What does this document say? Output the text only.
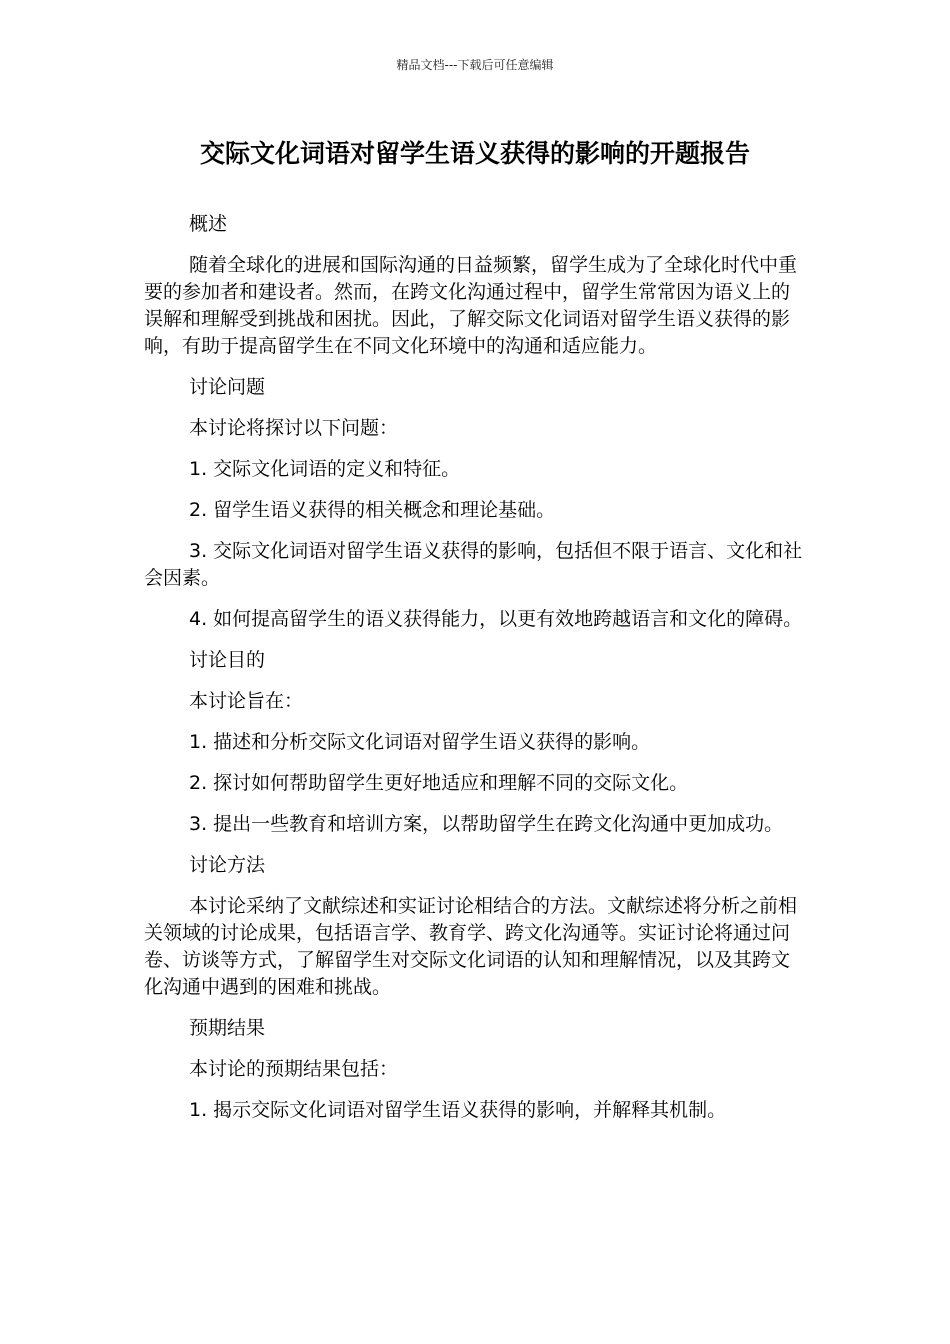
精品文档---下载后可任意编辑
交际文化词语对留学生语义获得的影响的开题报告

概述

随着全球化的进展和国际沟通的日益频繁，留学生成为了全球化时代中重要的参加者和建设者。然而，在跨文化沟通过程中，留学生常常因为语义上的误解和理解受到挑战和困扰。因此，了解交际文化词语对留学生语义获得的影响，有助于提高留学生在不同文化环境中的沟通和适应能力。

讨论问题

本讨论将探讨以下问题：

1. 交际文化词语的定义和特征。

2. 留学生语义获得的相关概念和理论基础。

3. 交际文化词语对留学生语义获得的影响，包括但不限于语言、文化和社会因素。

4. 如何提高留学生的语义获得能力，以更有效地跨越语言和文化的障碍。

讨论目的

本讨论旨在：

1. 描述和分析交际文化词语对留学生语义获得的影响。

2. 探讨如何帮助留学生更好地适应和理解不同的交际文化。

3. 提出一些教育和培训方案，以帮助留学生在跨文化沟通中更加成功。

讨论方法

本讨论采纳了文献综述和实证讨论相结合的方法。文献综述将分析之前相关领域的讨论成果，包括语言学、教育学、跨文化沟通等。实证讨论将通过问卷、访谈等方式，了解留学生对交际文化词语的认知和理解情况，以及其跨文化沟通中遇到的困难和挑战。

预期结果

本讨论的预期结果包括：

1. 揭示交际文化词语对留学生语义获得的影响，并解释其机制。
